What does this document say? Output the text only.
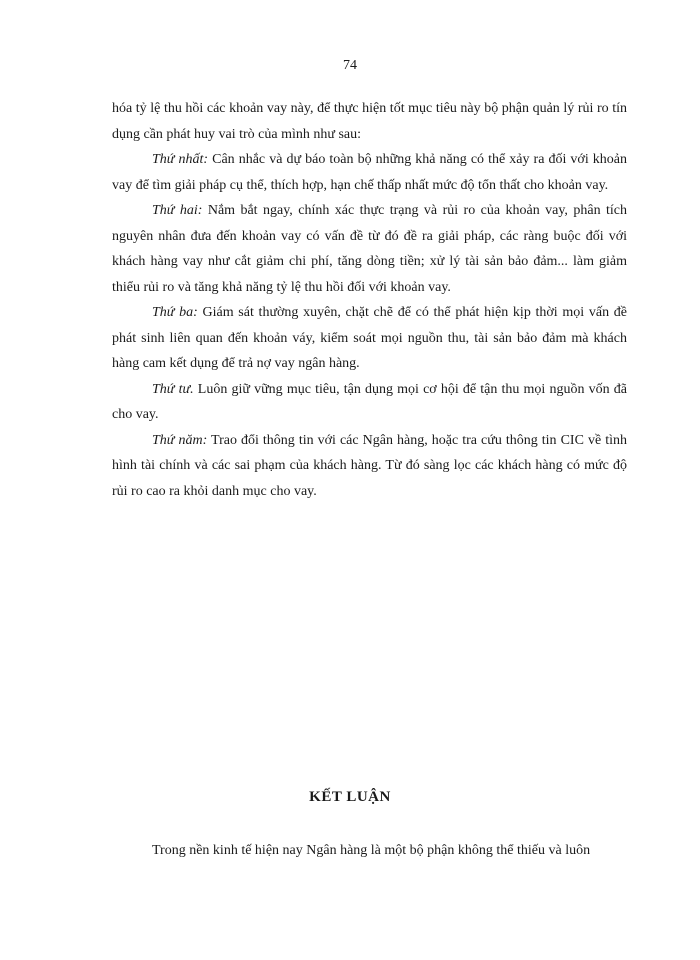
74

hóa tỷ lệ thu hồi các khoản vay này, để thực hiện tốt mục tiêu này bộ phận quản lý rủi ro tín dụng cần phát huy vai trò của mình như sau:

Thứ nhất: Cân nhắc và dự báo toàn bộ những khả năng có thể xảy ra đối với khoản vay để tìm giải pháp cụ thể, thích hợp, hạn chế thấp nhất mức độ tổn thất cho khoản vay.

Thứ hai: Nắm bắt ngay, chính xác thực trạng và rủi ro của khoản vay, phân tích nguyên nhân đưa đến khoản vay có vấn đề từ đó đề ra giải pháp, các ràng buộc đối với khách hàng vay như cắt giảm chi phí, tăng dòng tiền; xử lý tài sản bảo đảm... làm giảm thiểu rủi ro và tăng khả năng tỷ lệ thu hồi đối với khoản vay.

Thứ ba: Giám sát thường xuyên, chặt chẽ để có thể phát hiện kịp thời mọi vấn đề phát sinh liên quan đến khoản váy, kiểm soát mọi nguồn thu, tài sản bảo đảm mà khách hàng cam kết dụng để trả nợ vay ngân hàng.

Thứ tư. Luôn giữ vững mục tiêu, tận dụng mọi cơ hội để tận thu mọi nguồn vốn đã cho vay.

Thứ năm: Trao đổi thông tin với các Ngân hàng, hoặc tra cứu thông tin CIC về tình hình tài chính và các sai phạm của khách hàng. Từ đó sàng lọc các khách hàng có mức độ rủi ro cao ra khỏi danh mục cho vay.

KẾT LUẬN

Trong nền kinh tế hiện nay Ngân hàng là một bộ phận không thể thiếu và luôn
